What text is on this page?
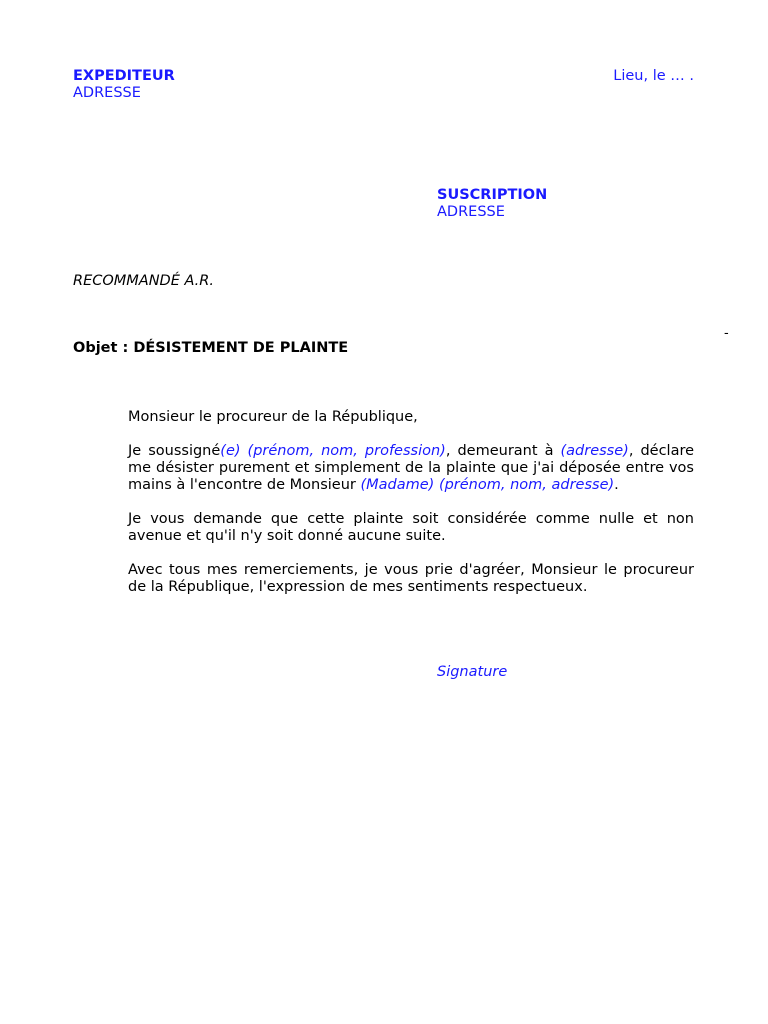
EXPEDITEUR
ADRESSE
Lieu, le … .
SUSCRIPTION
ADRESSE
RECOMMANDÉ A.R.
-
Objet : DÉSISTEMENT DE PLAINTE

Monsieur le procureur de la République,

Je soussigné(e) (prénom, nom, profession), demeurant à (adresse), déclare me désister purement et simplement de la plainte que j'ai déposée entre vos mains à l'encontre de Monsieur (Madame) (prénom, nom, adresse).

Je vous demande que cette plainte soit considérée comme nulle et non avenue et qu'il n'y soit donné aucune suite.

Avec tous mes remerciements, je vous prie d'agréer, Monsieur le procureur de la République, l'expression de mes sentiments respectueux.

Signature
